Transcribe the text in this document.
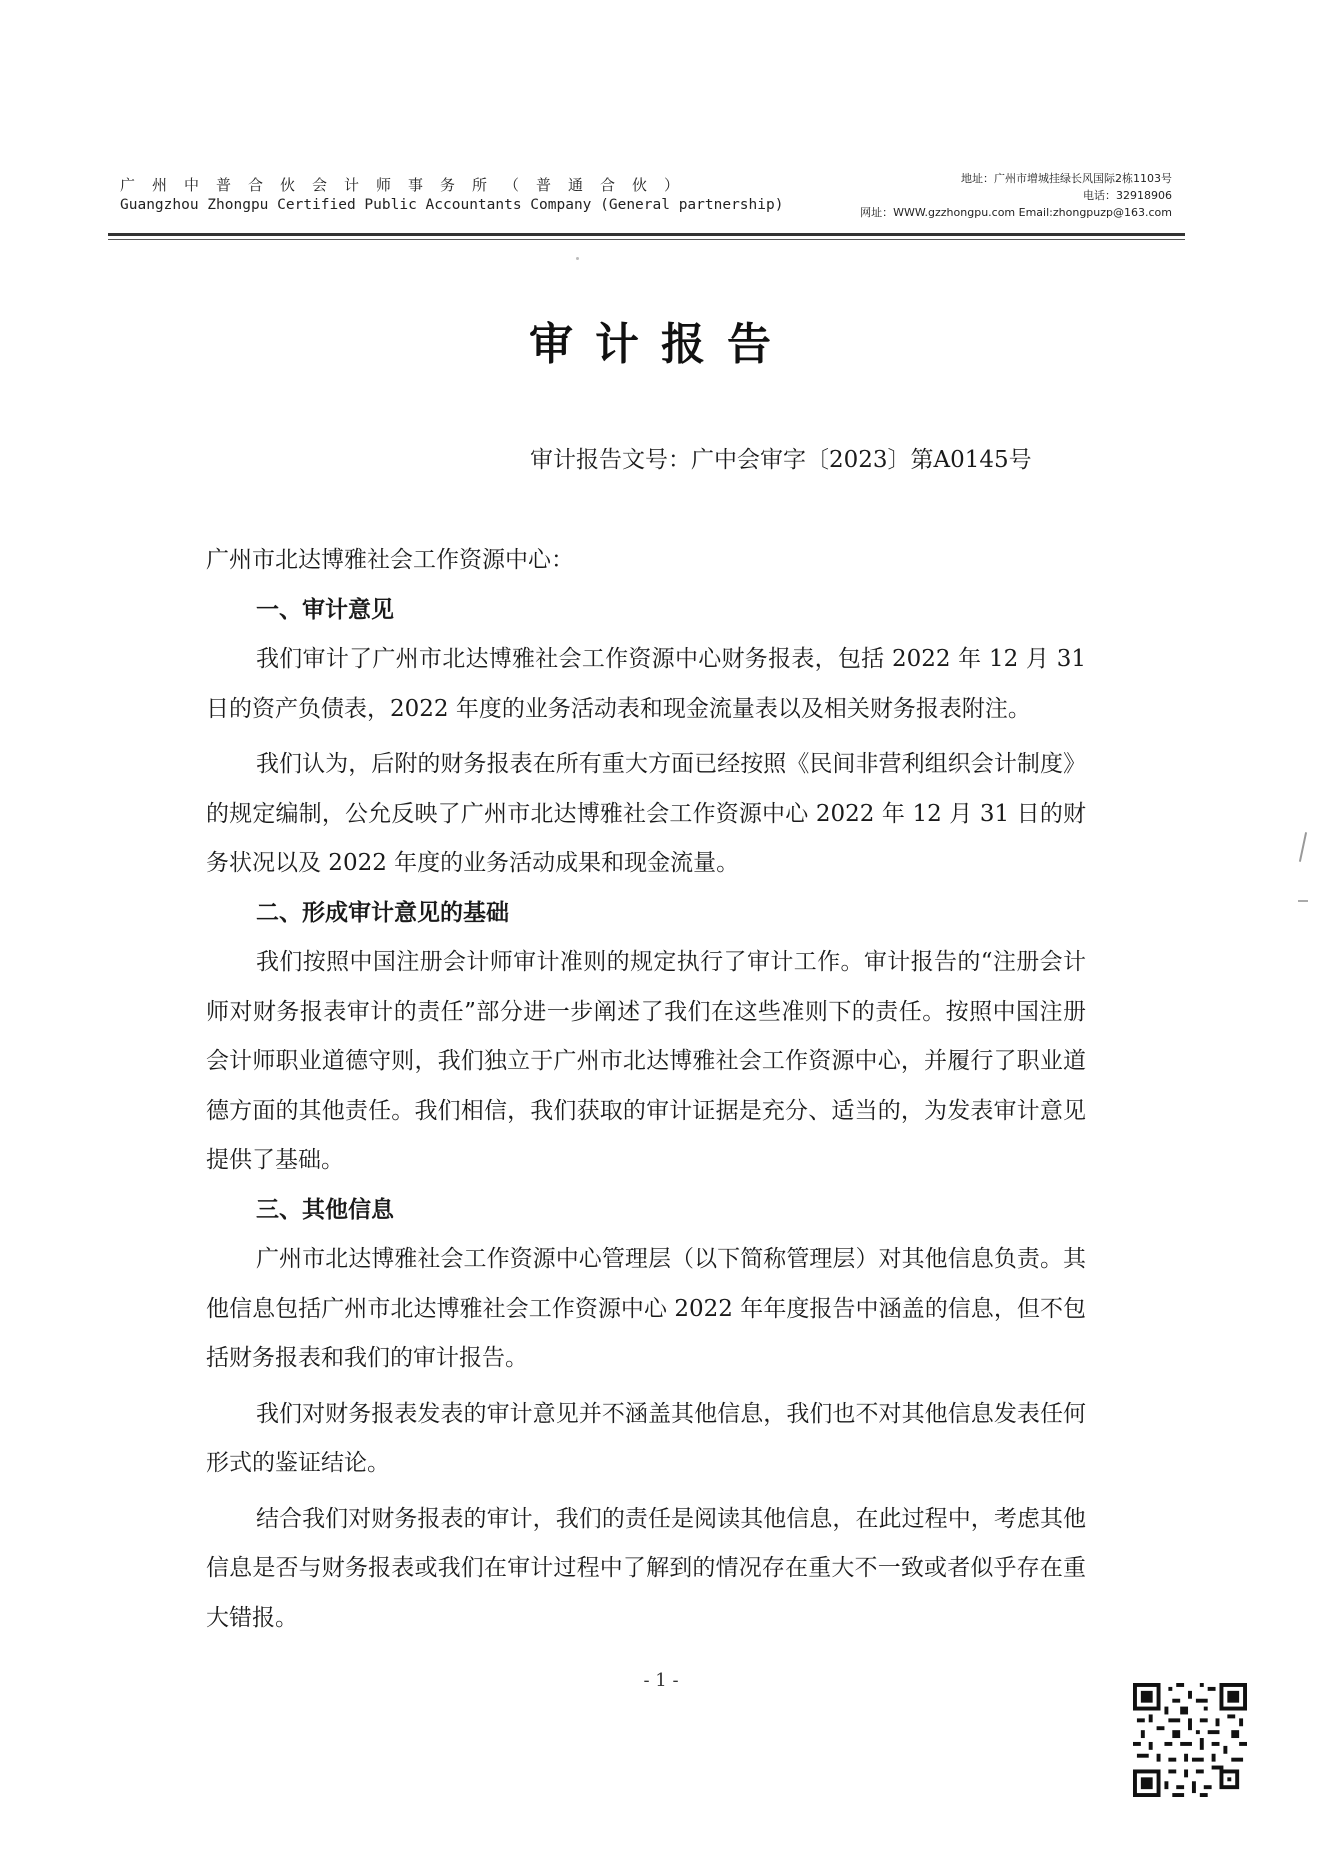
广州中普合伙会计师事务所（普通合伙）
Guangzhou Zhongpu Certified Public Accountants Company (General partnership)
地址：广州市增城挂绿长风国际2栋1103号
电话：32918906
网址：WWW.gzzhongpu.com Email:zhongpuzp@163.com
审计报告
审计报告文号：广中会审字〔2023〕第A0145号

广州市北达博雅社会工作资源中心：

一、审计意见

我们审计了广州市北达博雅社会工作资源中心财务报表，包括 2022 年 12 月 31 日的资产负债表，2022 年度的业务活动表和现金流量表以及相关财务报表附注。

我们认为，后附的财务报表在所有重大方面已经按照《民间非营利组织会计制度》的规定编制，公允反映了广州市北达博雅社会工作资源中心 2022 年 12 月 31 日的财务状况以及 2022 年度的业务活动成果和现金流量。

二、形成审计意见的基础

我们按照中国注册会计师审计准则的规定执行了审计工作。审计报告的“注册会计师对财务报表审计的责任”部分进一步阐述了我们在这些准则下的责任。按照中国注册会计师职业道德守则，我们独立于广州市北达博雅社会工作资源中心，并履行了职业道德方面的其他责任。我们相信，我们获取的审计证据是充分、适当的，为发表审计意见提供了基础。

三、其他信息

广州市北达博雅社会工作资源中心管理层（以下简称管理层）对其他信息负责。其他信息包括广州市北达博雅社会工作资源中心 2022 年年度报告中涵盖的信息，但不包括财务报表和我们的审计报告。

我们对财务报表发表的审计意见并不涵盖其他信息，我们也不对其他信息发表任何形式的鉴证结论。

结合我们对财务报表的审计，我们的责任是阅读其他信息，在此过程中，考虑其他信息是否与财务报表或我们在审计过程中了解到的情况存在重大不一致或者似乎存在重大错报。

- 1 -
